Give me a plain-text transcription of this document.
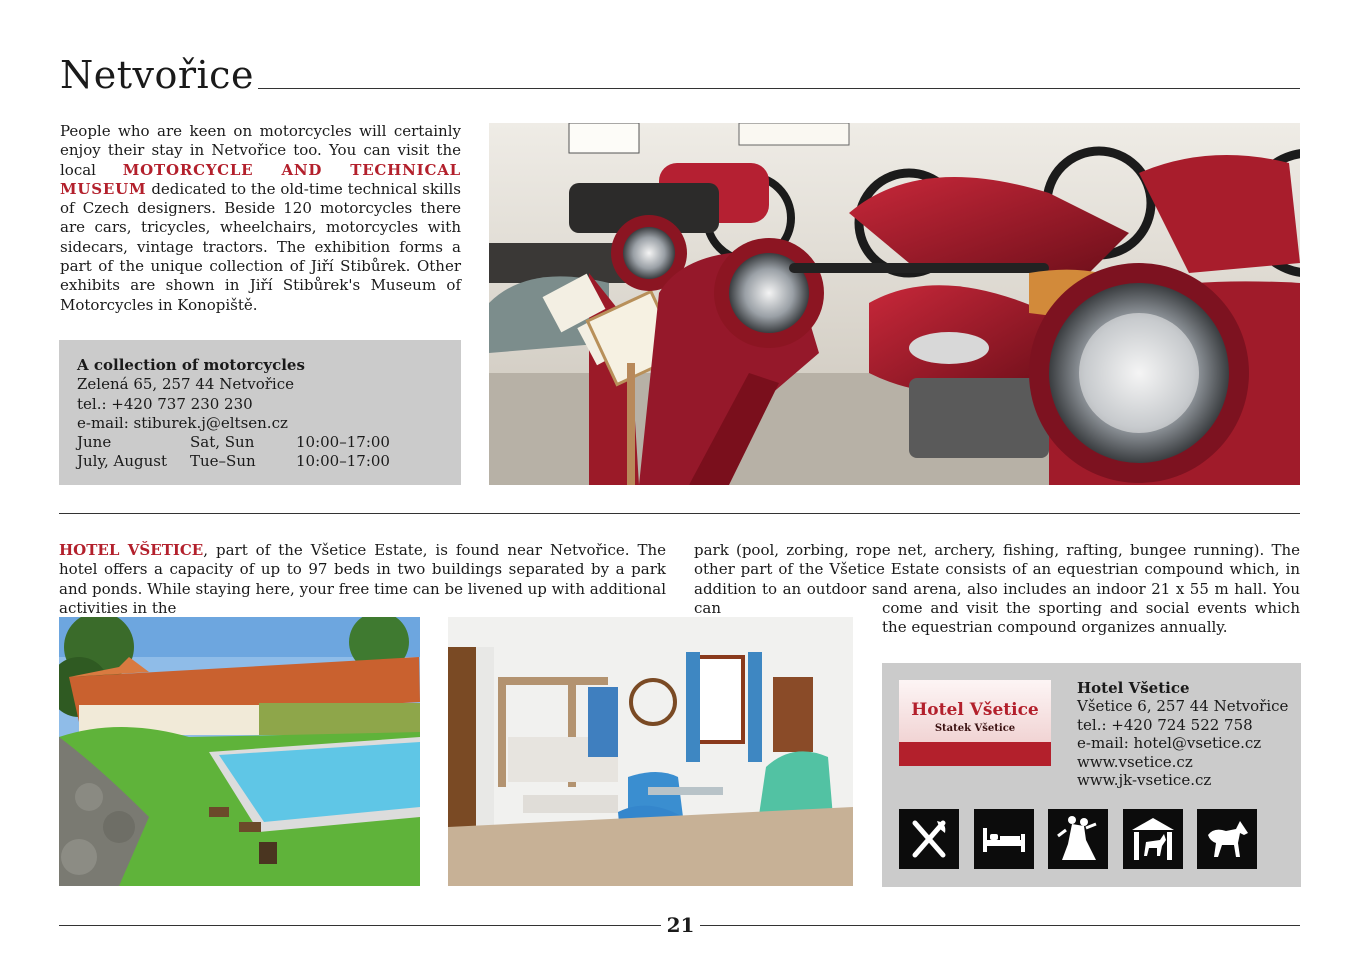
Netvořice
People who are keen on motorcycles will certainly enjoy their stay in Netvořice too. You can visit the local MOTORCYCLE AND TECHNICAL MUSEUM dedicated to the old-time technical skills of Czech designers. Beside 120 motorcycles there are cars, tricycles, wheelchairs, motorcycles with sidecars, vintage tractors. The exhibition forms a part of the unique collection of Jiří Stibůrek. Other exhibits are shown in Jiří Stibůrek's Museum of Motorcycles in Konopiště.
A collection of motorcycles
Zelená 65, 257 44 Netvořice
tel.: +420 737 230 230
e-mail: stiburek.j@eltsen.cz
June	Sat, Sun	10:00–17:00
July, August	Tue–Sun	10:00–17:00
HOTEL VŠETICE, part of the Všetice Estate, is found near Netvořice. The hotel offers a capacity of up to 97 beds in two buildings separated by a park and ponds. While staying here, your free time can be livened up with additional activities in the
park (pool, zorbing, rope net, archery, fishing, rafting, bungee running). The other part of the Všetice Estate consists of an equestrian compound which, in addition to an outdoor sand arena, also includes an indoor 21 x 55 m hall. You can	come and visit the sporting and social events which the equestrian compound organizes annually.
Hotel Všetice
Statek Všetice
Hotel Všetice
Všetice 6, 257 44 Netvořice
tel.: +420 724 522 758
e-mail: hotel@vsetice.cz
www.vsetice.cz
www.jk-vsetice.cz
21
